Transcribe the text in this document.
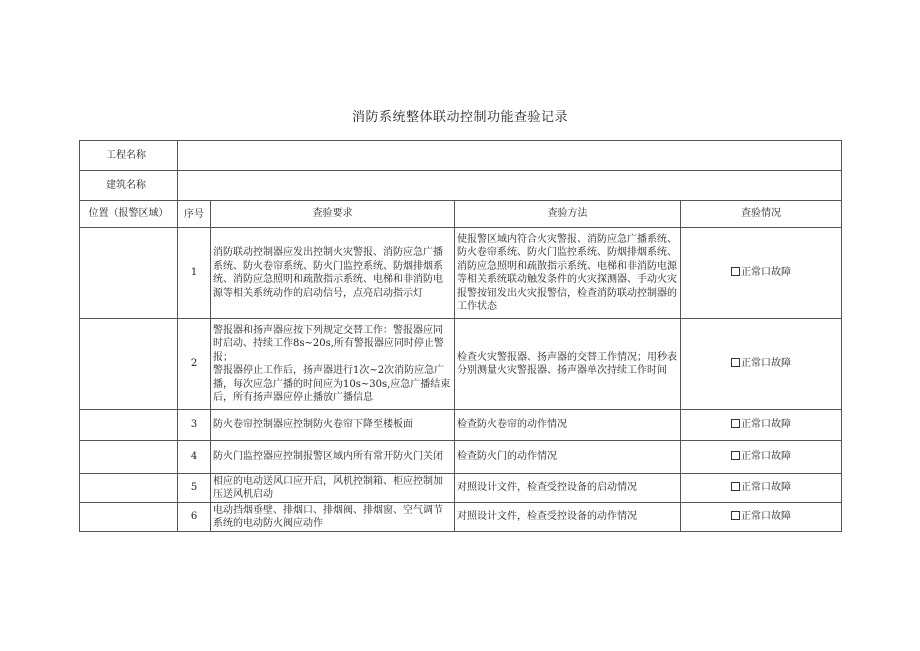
消防系统整体联动控制功能查验记录
工程名称				
建筑名称				
位置（报警区域）	序号	查验要求	查验方法	查验情况
	1	消防联动控制器应发出控制火灾警报、消防应急广播系统、防火卷帘系统、防火门监控系统、防烟排烟系统、消防应急照明和疏散指示系统、电梯和非消防电源等相关系统动作的启动信号，点亮启动指示灯	使报警区域内符合火灾警报、消防应急广播系统、防火卷帘系统、防火门监控系统、防烟排烟系统、消防应急照明和疏散指示系统、电梯和非消防电源等相关系统联动触发条件的火灾探测器、手动火灾报警按钮发出火灾报警信，检查消防联动控制器的工作状态	正常口故障
	2	警报器和扬声器应按下列规定交替工作：警报器应同时启动、持续工作8s~20s,所有警报器应同时停止警报；
警报器停止工作后，扬声器进行1次~2次消防应急广播，每次应急广播的时间应为10s~30s,应急广播结束后，所有扬声器应停止播放广播信息	检查火灾警报器、扬声器的交替工作情况；用秒表分别测量火灾警报器、扬声器单次持续工作时间	正常口故障
	3	防火卷帘控制器应控制防火卷帘下降至楼板面	检查防火卷帘的动作情况	正常口故障
	4	防火门监控器应控制报警区域内所有常开防火门关闭	检查防火门的动作情况	正常口故障
	5	相应的电动送风口应开启，风机控制箱、柜应控制加压送风机启动	对照设计文件，检查受控设备的启动情况	正常口故障
	6	电动挡烟垂壁、排烟口、排烟阀、排烟窗、空气调节系统的电动防火阀应动作	对照设计文件，检查受控设备的动作情况	正常口故障
